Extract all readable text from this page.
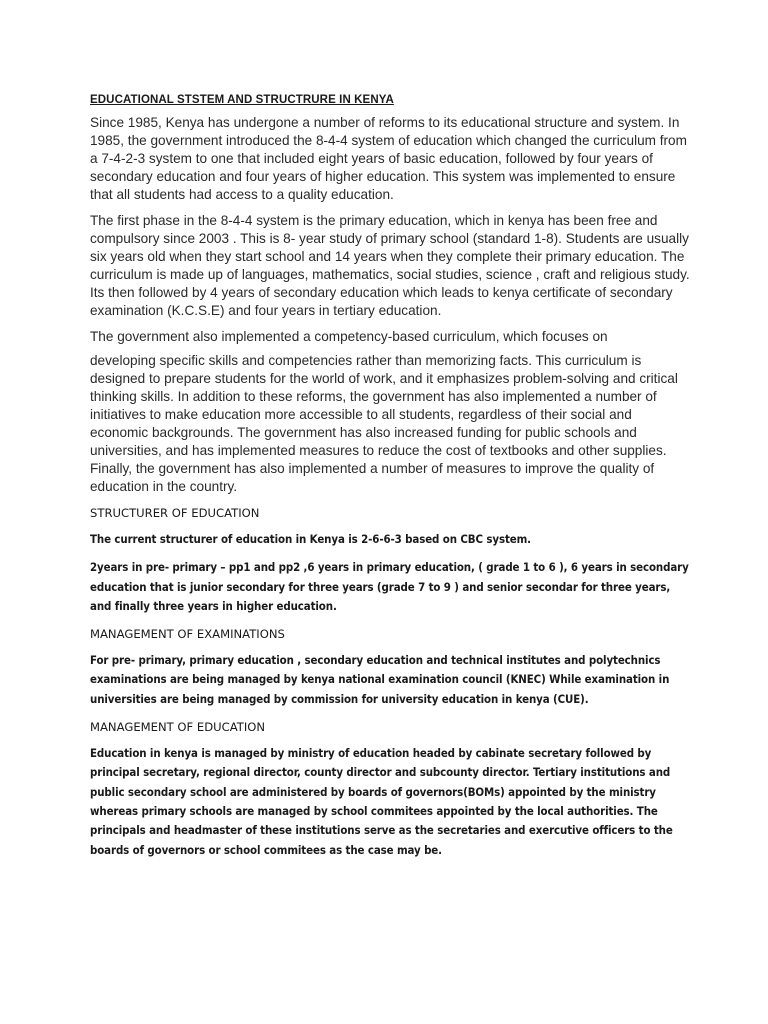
EDUCATIONAL STSTEM AND STRUCTRURE IN KENYA

Since 1985, Kenya has undergone a number of reforms to its educational structure and system. In 1985, the government introduced the 8-4-4 system of education which changed the curriculum from a 7-4-2-3 system to one that included eight years of basic education, followed by four years of secondary education and four years of higher education. This system was implemented to ensure that all students had access to a quality education.

The first phase in the 8-4-4 system is the primary education, which in kenya has been free and compulsory since 2003 . This is 8- year study of primary school (standard 1-8). Students are usually six years old when they start school and 14 years when they complete their primary education. The curriculum is made up of languages, mathematics, social studies, science , craft and religious study. Its then followed by 4 years of secondary education which leads to kenya certificate of secondary examination (K.C.S.E) and four years in tertiary education.

The government also implemented a competency-based curriculum, which focuses on

developing specific skills and competencies rather than memorizing facts. This curriculum is designed to prepare students for the world of work, and it emphasizes problem-solving and critical thinking skills. In addition to these reforms, the government has also implemented a number of initiatives to make education more accessible to all students, regardless of their social and economic backgrounds. The government has also increased funding for public schools and universities, and has implemented measures to reduce the cost of textbooks and other supplies. Finally, the government has also implemented a number of measures to improve the quality of education in the country.

STRUCTURER OF EDUCATION

The current structurer of education in Kenya is 2-6-6-3 based on CBC system.

2years in pre- primary – pp1 and pp2 ,6 years in primary education, ( grade 1 to 6 ), 6 years in secondary education that is junior secondary for three years (grade 7 to 9 ) and senior secondar for three years, and finally three years in higher education.

MANAGEMENT OF EXAMINATIONS

For pre- primary, primary education , secondary education and technical institutes and polytechnics examinations are being managed by kenya national examination council (KNEC) While examination in universities are being managed by commission for university education in kenya (CUE).

MANAGEMENT OF EDUCATION

Education in kenya is managed by ministry of education headed by cabinate secretary followed by principal secretary, regional director, county director and subcounty director. Tertiary institutions and public secondary school are administered by boards of governors(BOMs) appointed by the ministry whereas primary schools are managed by school commitees appointed by the local authorities. The principals and headmaster of these institutions serve as the secretaries and exercutive officers to the boards of governors or school commitees as the case may be.
